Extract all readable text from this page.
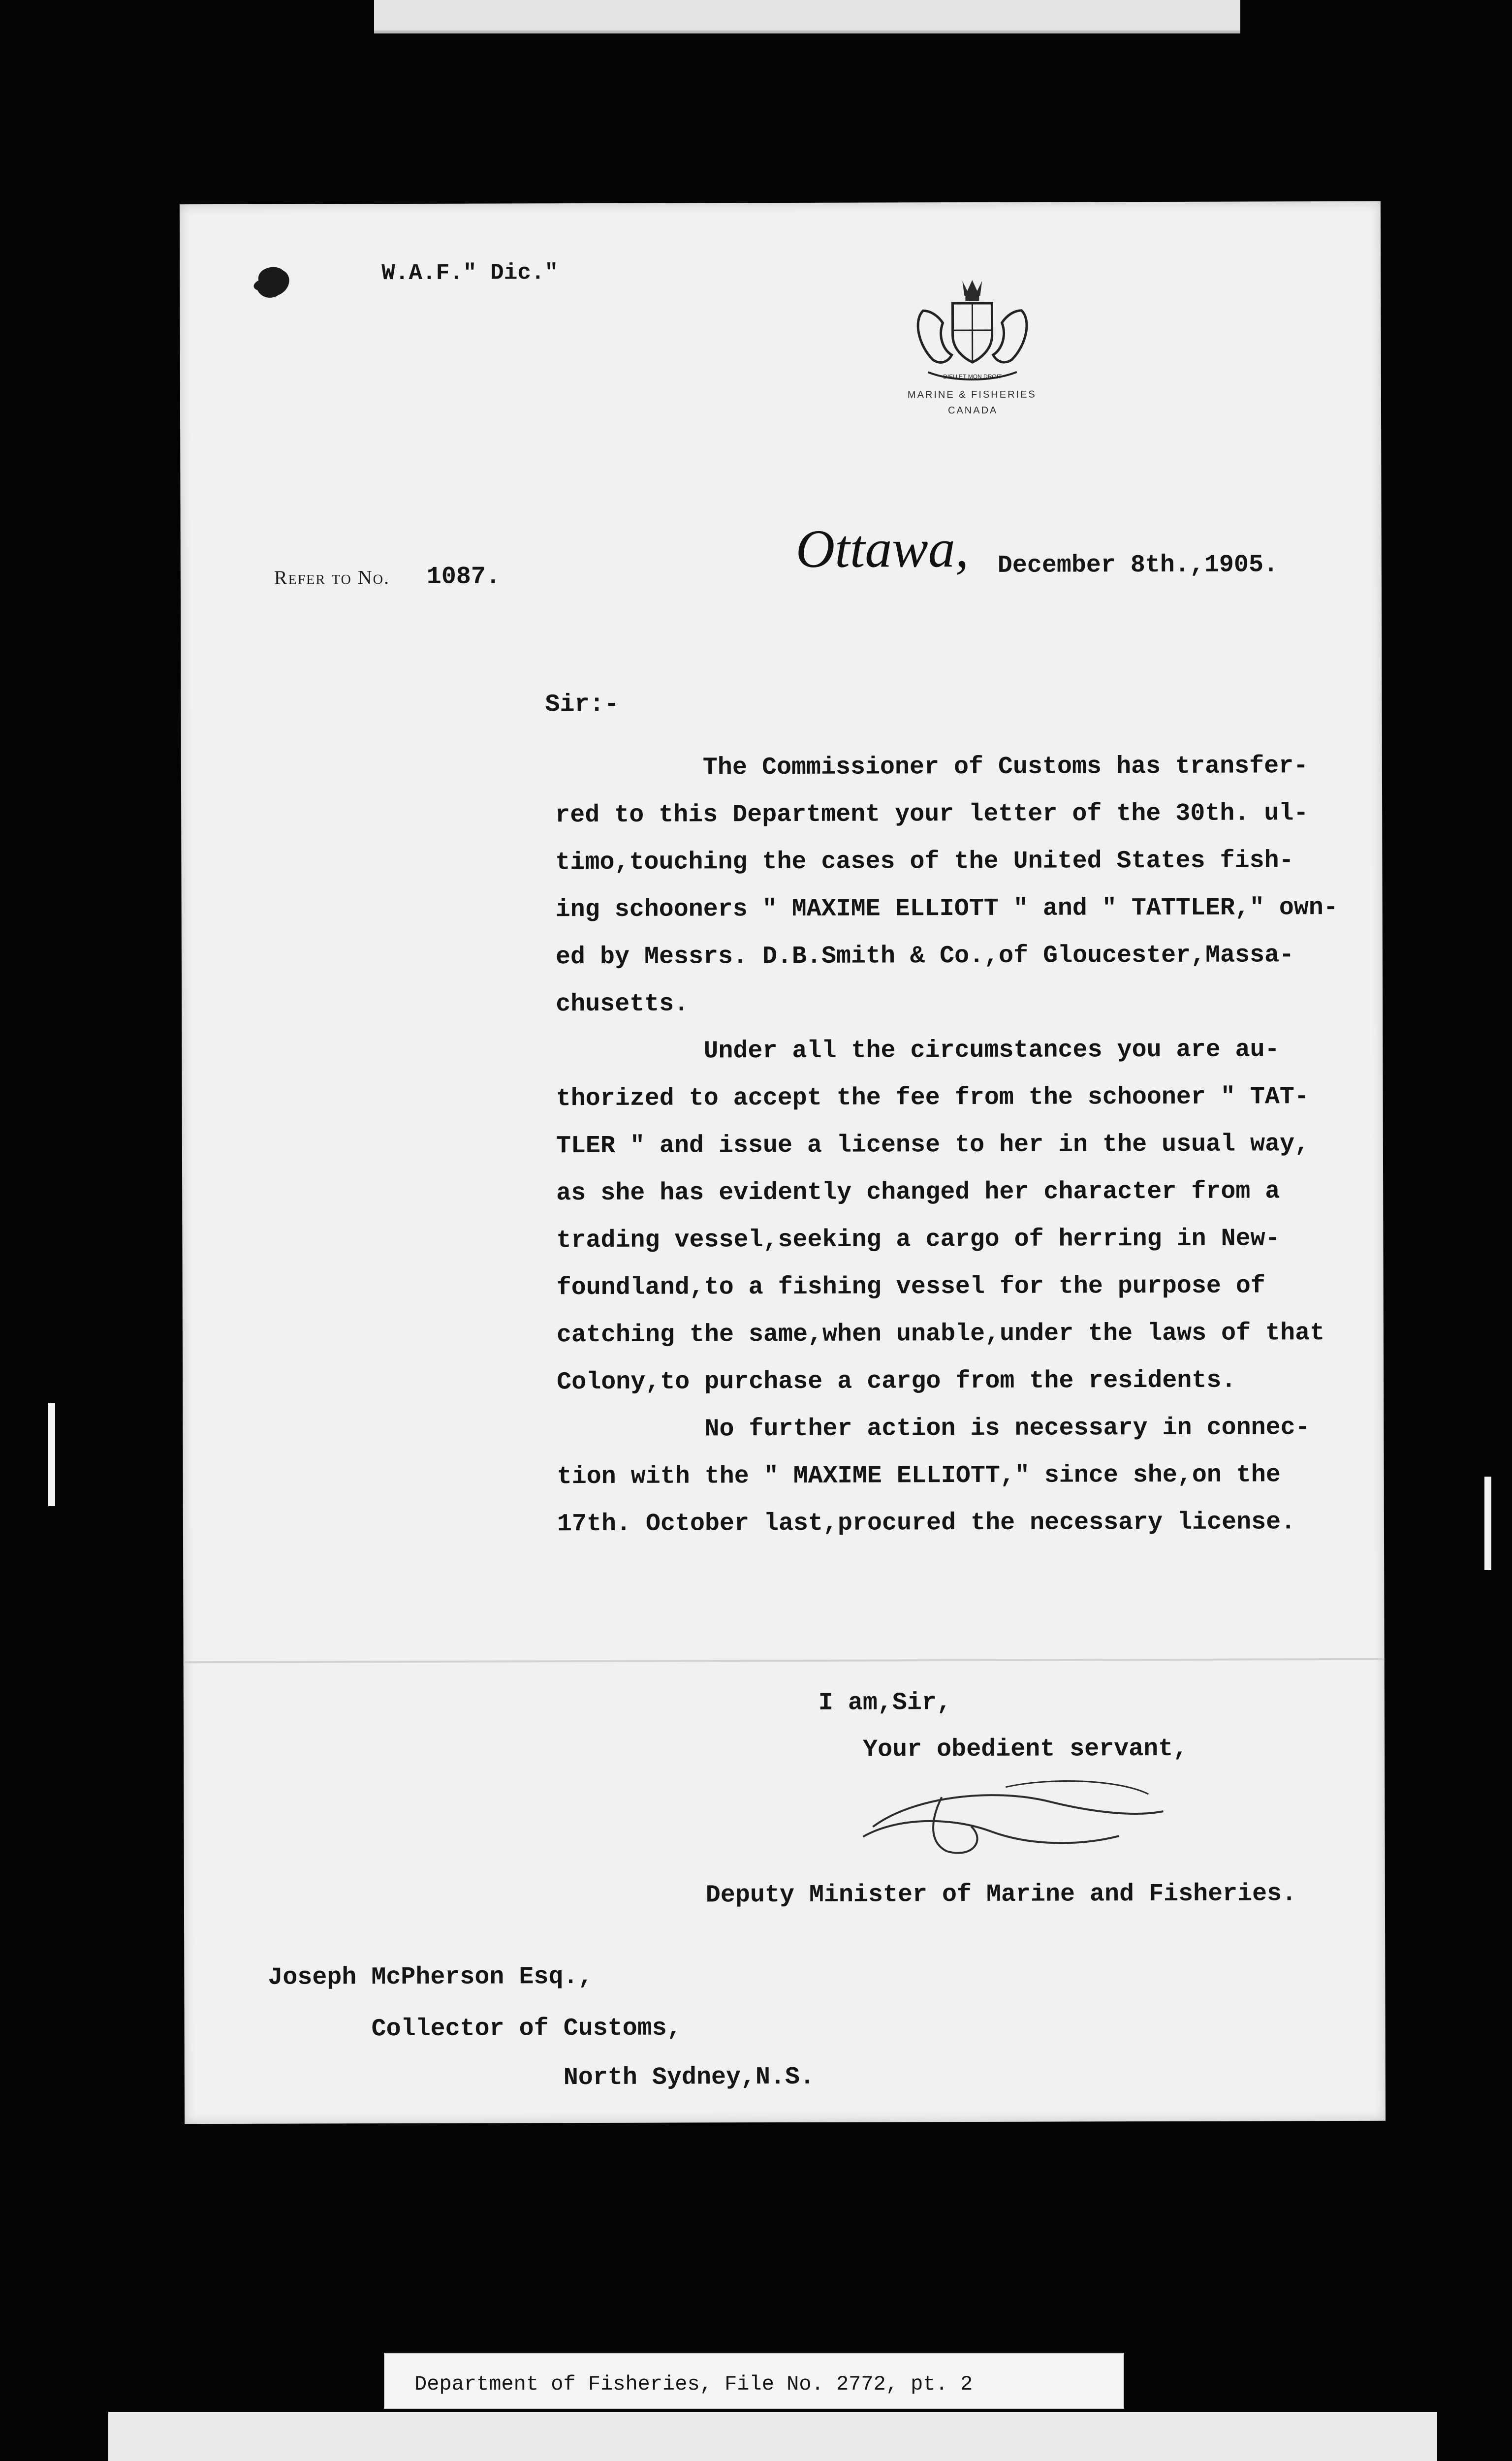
W.A.F." Dic."
DIEU ET MON DROIT
MARINE & FISHERIES
CANADA
Refer to No. 1087.	Ottawa, December 8th.,1905.
Sir:-

The Commissioner of Customs has transfer-

red to this Department your letter of the 30th. ul-

timo,touching the cases of the United States fish-

ing schooners " MAXIME ELLIOTT " and " TATTLER," own-

ed by Messrs. D.B.Smith & Co.,of Gloucester,Massa-

chusetts.

Under all the circumstances you are au-

thorized to accept the fee from the schooner " TAT-

TLER " and issue a license to her in the usual way,

as she has evidently changed her character from a

trading vessel,seeking a cargo of herring in New-

foundland,to a fishing vessel for the purpose of

catching the same,when unable,under the laws of that

Colony,to purchase a cargo from the residents.

No further action is necessary in connec-

tion with the " MAXIME ELLIOTT," since she,on the

17th. October last,procured the necessary license.

I am,Sir,
Your obedient servant,
Deputy Minister of Marine and Fisheries.
Joseph McPherson Esq.,
Collector of Customs,
North Sydney,N.S.
Department of Fisheries, File No. 2772, pt. 2
